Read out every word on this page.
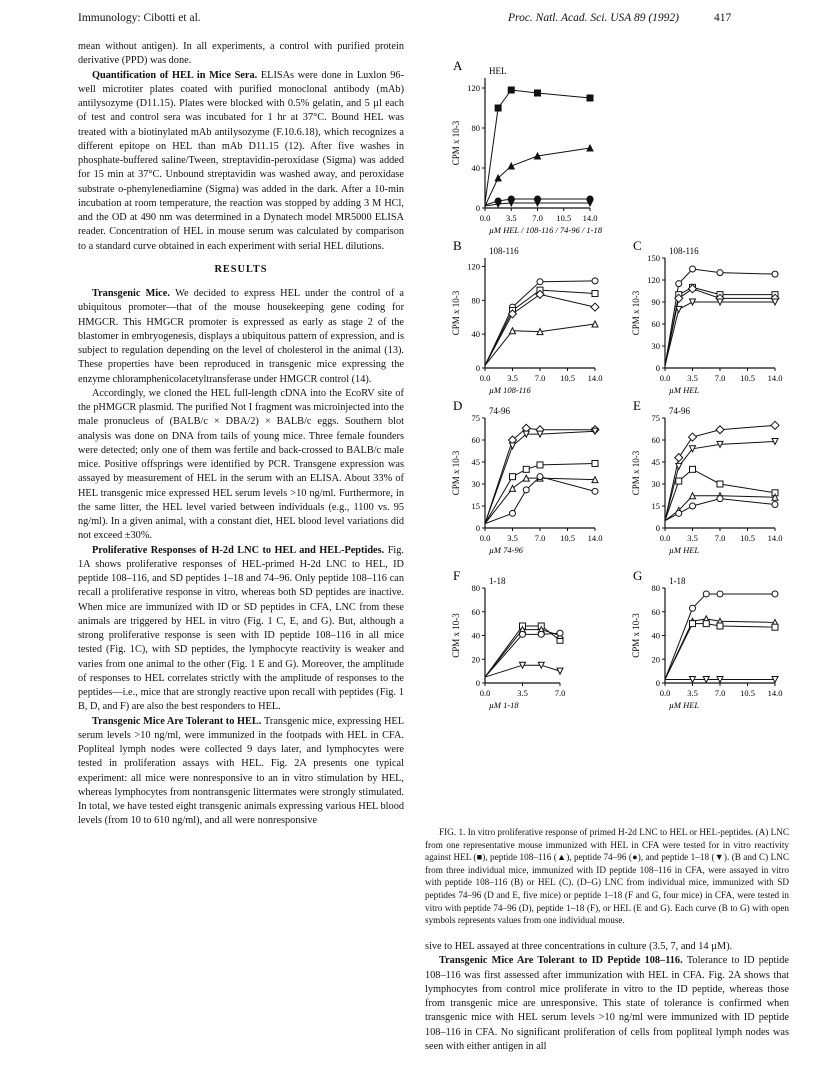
Immunology: Cibotti et al.	Proc. Natl. Acad. Sci. USA 89 (1992)	417

mean without antigen). In all experiments, a control with purified protein derivative (PPD) was done.

Quantification of HEL in Mice Sera. ELISAs were done in Luxlon 96-well microtiter plates coated with purified monoclonal antibody (mAb) antilysozyme (D11.15). Plates were blocked with 0.5% gelatin, and 5 µl each of test and control sera was incubated for 1 hr at 37°C. Bound HEL was treated with a biotinylated mAb antilysozyme (F.10.6.18), which recognizes a different epitope on HEL than mAb D11.15 (12). After five washes in phosphate-buffered saline/Tween, streptavidin-peroxidase (Sigma) was added for 15 min at 37°C. Unbound streptavidin was washed away, and peroxidase substrate o-phenylenediamine (Sigma) was added in the dark. After a 10-min incubation at room temperature, the reaction was stopped by adding 3 M HCl, and the OD at 490 nm was determined in a Dynatech model MR5000 ELISA reader. Concentration of HEL in mouse serum was calculated by comparison to a standard curve obtained in each experiment with serial HEL dilutions.

RESULTS

Transgenic Mice. We decided to express HEL under the control of a ubiquitous promoter—that of the mouse housekeeping gene coding for HMGCR. This HMGCR promoter is expressed as early as stage 2 of the blastomer in embryogenesis, displays a ubiquitous pattern of expression, and is subject to regulation depending on the level of cholesterol in the animal (13). These properties have been reproduced in transgenic mice expressing the enzyme chloramphenicolacetyltransferase under HMGCR control (14).

Accordingly, we cloned the HEL full-length cDNA into the EcoRV site of the pHMGCR plasmid. The purified Not I fragment was microinjected into the male pronucleus of (BALB/c × DBA/2) × BALB/c eggs. Southern blot analysis was done on DNA from tails of young mice. Three female founders were detected; only one of them was fertile and back-crossed to BALB/c male mice. Positive offsprings were identified by PCR. Transgene expression was assayed by measurement of HEL in the serum with an ELISA. About 33% of HEL transgenic mice expressed HEL serum levels >10 ng/ml. Furthermore, in the same litter, the HEL level varied between individuals (e.g., 1100 vs. 95 ng/ml). In a given animal, with a constant diet, HEL blood level variations did not exceed ±30%.

Proliferative Responses of H-2d LNC to HEL and HEL-Peptides. Fig. 1A shows proliferative responses of HEL-primed H-2d LNC to HEL, ID peptide 108–116, and SD peptides 1–18 and 74–96. Only peptide 108–116 can recall a proliferative response in vitro, whereas both SD peptides are inactive. When mice are immunized with ID or SD peptides in CFA, LNC from these animals are triggered by HEL in vitro (Fig. 1 C, E, and G). But, although a strong proliferative response is seen with ID peptide 108–116 in all mice tested (Fig. 1C), with SD peptides, the lymphocyte reactivity is weaker and varies from one animal to the other (Fig. 1 E and G). Moreover, the amplitude of responses to HEL correlates strictly with the amplitude of responses to the peptides—i.e., mice that are strongly reactive upon recall with peptides (Fig. 1 B, D, and F) are also the best responders to HEL.

Transgenic Mice Are Tolerant to HEL. Transgenic mice, expressing HEL serum levels >10 ng/ml, were immunized in the footpads with HEL in CFA. Popliteal lymph nodes were collected 9 days later, and lymphocytes were tested in proliferation assays with HEL. Fig. 2A presents one typical experiment: all mice were nonresponsive to an in vitro stimulation by HEL, whereas lymphocytes from nontransgenic littermates were strongly stimulated. In total, we have tested eight transgenic animals expressing various HEL blood levels (from 10 to 610 ng/ml), and all were nonresponsive

A	HEL
0
40
80
120
0.0 3.5 7.0 10.5 14.0
µM HEL / 108-116 / 74-96 / 1-18
CPM x 10-3
B	108-116
0
40
80
120
0.0 3.5 7.0 10.5 14.0
µM 108-116
CPM x 10-3
C	108-116
0
30
60
90
120
150
0.0 3.5 7.0 10.5 14.0
µM HEL
CPM x 10-3
D	74-96
0
15
30
45
60
75
0.0 3.5 7.0 10.5 14.0
µM 74-96
CPM x 10-3
E	74-96
0
15
30
45
60
75
0.0 3.5 7.0 10.5 14.0
µM HEL
CPM x 10-3
F	1-18
0
20
40
60
80
0.0	3.5	7.0
µM 1-18
CPM x 10-3
G	1-18
0
20
40
60
80
0.0 3.5 7.0 10.5 14.0
µM HEL
CPM x 10-3

FIG. 1. In vitro proliferative response of primed H-2d LNC to HEL or HEL-peptides. (A) LNC from one representative mouse immunized with HEL in CFA were tested for in vitro reactivity against HEL (■), peptide 108–116 (▲), peptide 74–96 (●), and peptide 1–18 (▼). (B and C) LNC from three individual mice, immunized with ID peptide 108–116 in CFA, were assayed in vitro with peptide 108–116 (B) or HEL (C). (D–G) LNC from individual mice, immunized with SD peptides 74–96 (D and E, five mice) or peptide 1–18 (F and G, four mice) in CFA, were tested in vitro with peptide 74–96 (D), peptide 1–18 (F), or HEL (E and G). Each curve (B to G) with open symbols represents values from one individual mouse.

sive to HEL assayed at three concentrations in culture (3.5, 7, and 14 µM).

Transgenic Mice Are Tolerant to ID Peptide 108–116. Tolerance to ID peptide 108–116 was first assessed after immunization with HEL in CFA. Fig. 2A shows that lymphocytes from control mice proliferate in vitro to the ID peptide, whereas those from transgenic mice are unresponsive. This state of tolerance is confirmed when transgenic mice with HEL serum levels >10 ng/ml were immunized with ID peptide 108–116 in CFA. No significant proliferation of cells from popliteal lymph nodes was seen with either antigen in all
